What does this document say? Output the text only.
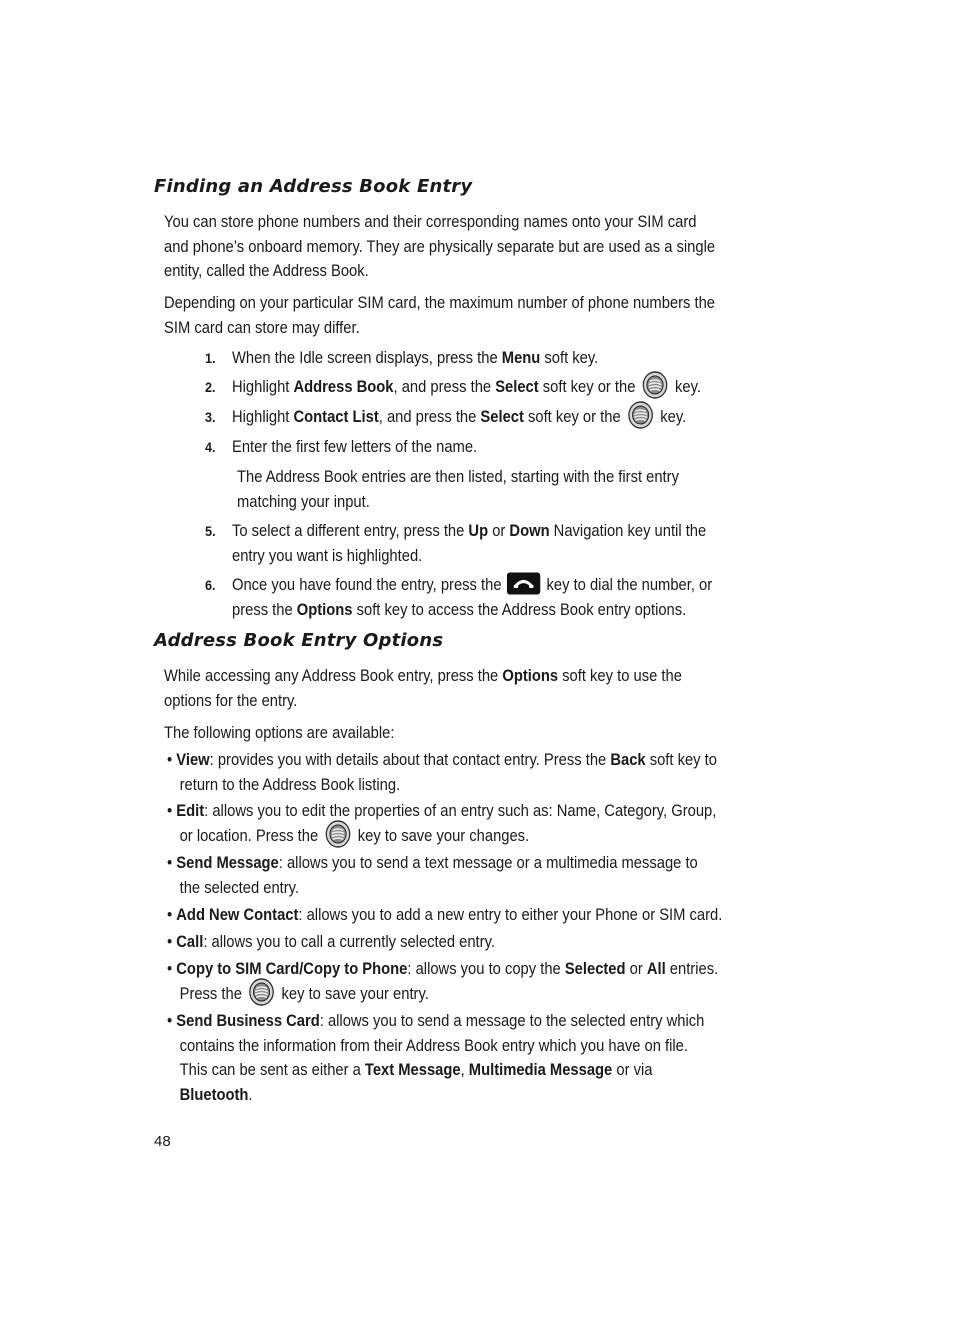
Finding an Address Book Entry
You can store phone numbers and their corresponding names onto your SIM card
and phone’s onboard memory. They are physically separate but are used as a single
entity, called the Address Book.
Depending on your particular SIM card, the maximum number of phone numbers the
SIM card can store may differ.
1. When the Idle screen displays, press the Menu soft key.
2. Highlight Address Book, and press the Select soft key or the key.
3. Highlight Contact List, and press the Select soft key or the key.
4. Enter the first few letters of the name.
The Address Book entries are then listed, starting with the first entry
matching your input.
5. To select a different entry, press the Up or Down Navigation key until the
entry you want is highlighted.
6. Once you have found the entry, press the	key to dial the number, or
press the Options soft key to access the Address Book entry options.
Address Book Entry Options
While accessing any Address Book entry, press the Options soft key to use the
options for the entry.
The following options are available:
• View: provides you with details about that contact entry. Press the Back soft key to
return to the Address Book listing.
• Edit: allows you to edit the properties of an entry such as: Name, Category, Group,
or location. Press the key to save your changes.
• Send Message: allows you to send a text message or a multimedia message to
the selected entry.
• Add New Contact: allows you to add a new entry to either your Phone or SIM card.
• Call: allows you to call a currently selected entry.
• Copy to SIM Card/Copy to Phone: allows you to copy the Selected or All entries.
Press the key to save your entry.
• Send Business Card: allows you to send a message to the selected entry which
contains the information from their Address Book entry which you have on file.
This can be sent as either a Text Message, Multimedia Message or via
Bluetooth.
48
